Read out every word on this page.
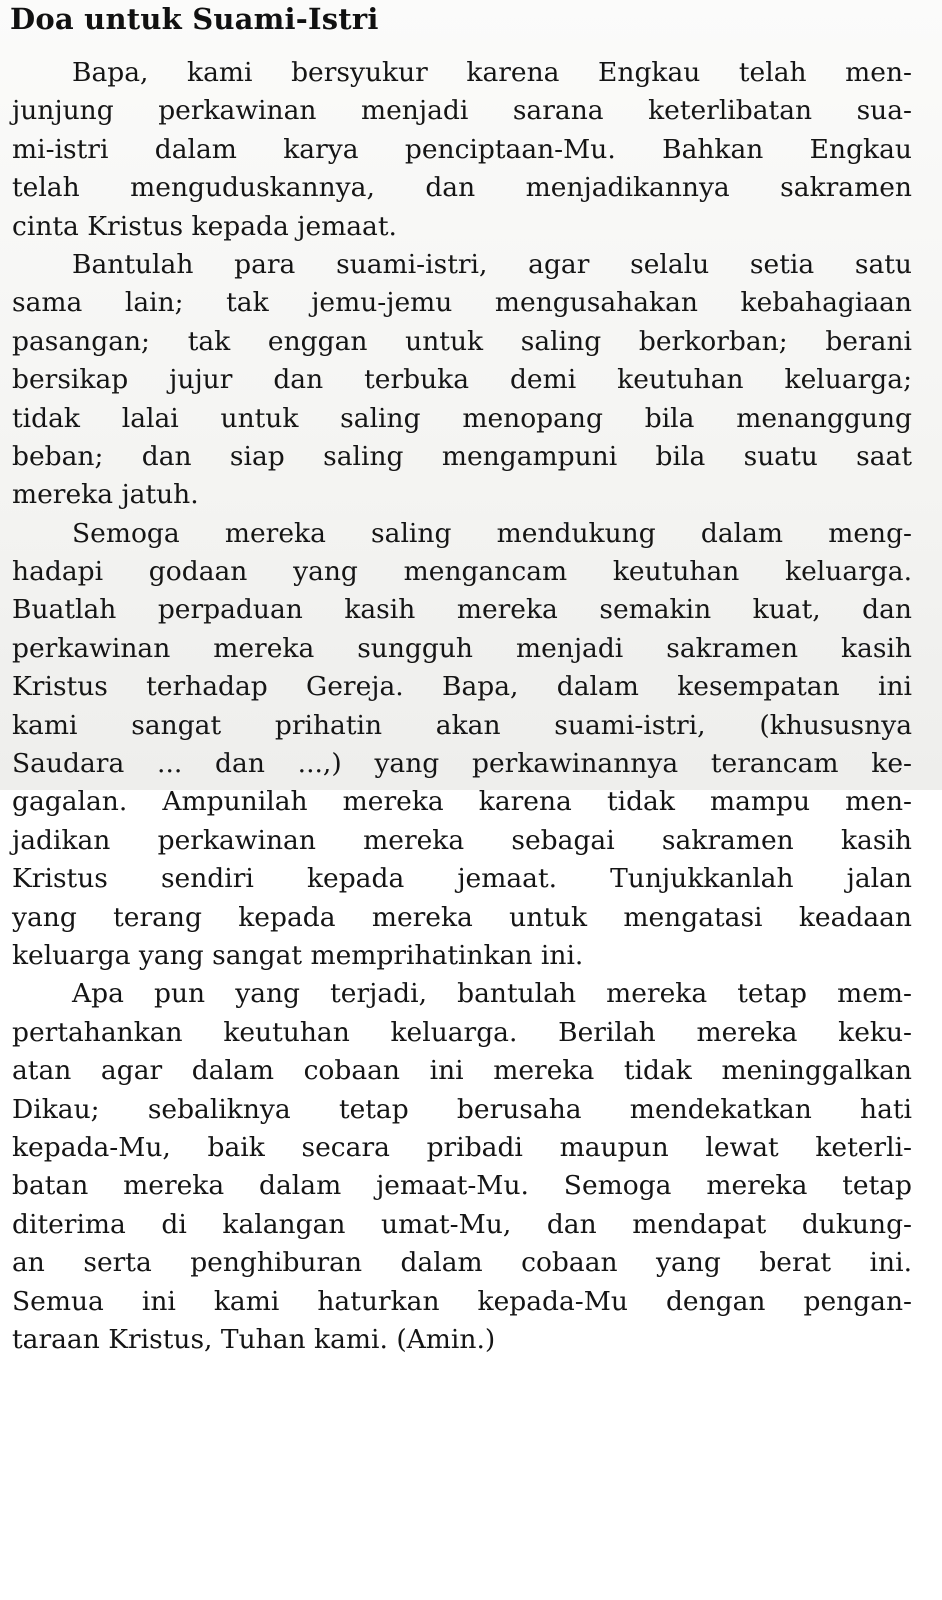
Doa untuk Suami-Istri
Bapa, kami bersyukur karena Engkau telah men-
junjung perkawinan menjadi sarana keterlibatan sua-
mi-istri dalam karya penciptaan-Mu. Bahkan Engkau
telah menguduskannya, dan menjadikannya sakramen
cinta Kristus kepada jemaat.
Bantulah para suami-istri, agar selalu setia satu
sama lain; tak jemu-jemu mengusahakan kebahagiaan
pasangan; tak enggan untuk saling berkorban; berani
bersikap jujur dan terbuka demi keutuhan keluarga;
tidak lalai untuk saling menopang bila menanggung
beban; dan siap saling mengampuni bila suatu saat
mereka jatuh.
Semoga mereka saling mendukung dalam meng-
hadapi godaan yang mengancam keutuhan keluarga.
Buatlah perpaduan kasih mereka semakin kuat, dan
perkawinan mereka sungguh menjadi sakramen kasih
Kristus terhadap Gereja. Bapa, dalam kesempatan ini
kami sangat prihatin akan suami-istri, (khususnya
Saudara ... dan ...,) yang perkawinannya terancam ke-
gagalan. Ampunilah mereka karena tidak mampu men-
jadikan perkawinan mereka sebagai sakramen kasih
Kristus sendiri kepada jemaat. Tunjukkanlah jalan
yang terang kepada mereka untuk mengatasi keadaan
keluarga yang sangat memprihatinkan ini.
Apa pun yang terjadi, bantulah mereka tetap mem-
pertahankan keutuhan keluarga. Berilah mereka keku-
atan agar dalam cobaan ini mereka tidak meninggalkan
Dikau; sebaliknya tetap berusaha mendekatkan hati
kepada-Mu, baik secara pribadi maupun lewat keterli-
batan mereka dalam jemaat-Mu. Semoga mereka tetap
diterima di kalangan umat-Mu, dan mendapat dukung-
an serta penghiburan dalam cobaan yang berat ini.
Semua ini kami haturkan kepada-Mu dengan pengan-
taraan Kristus, Tuhan kami. (Amin.)
